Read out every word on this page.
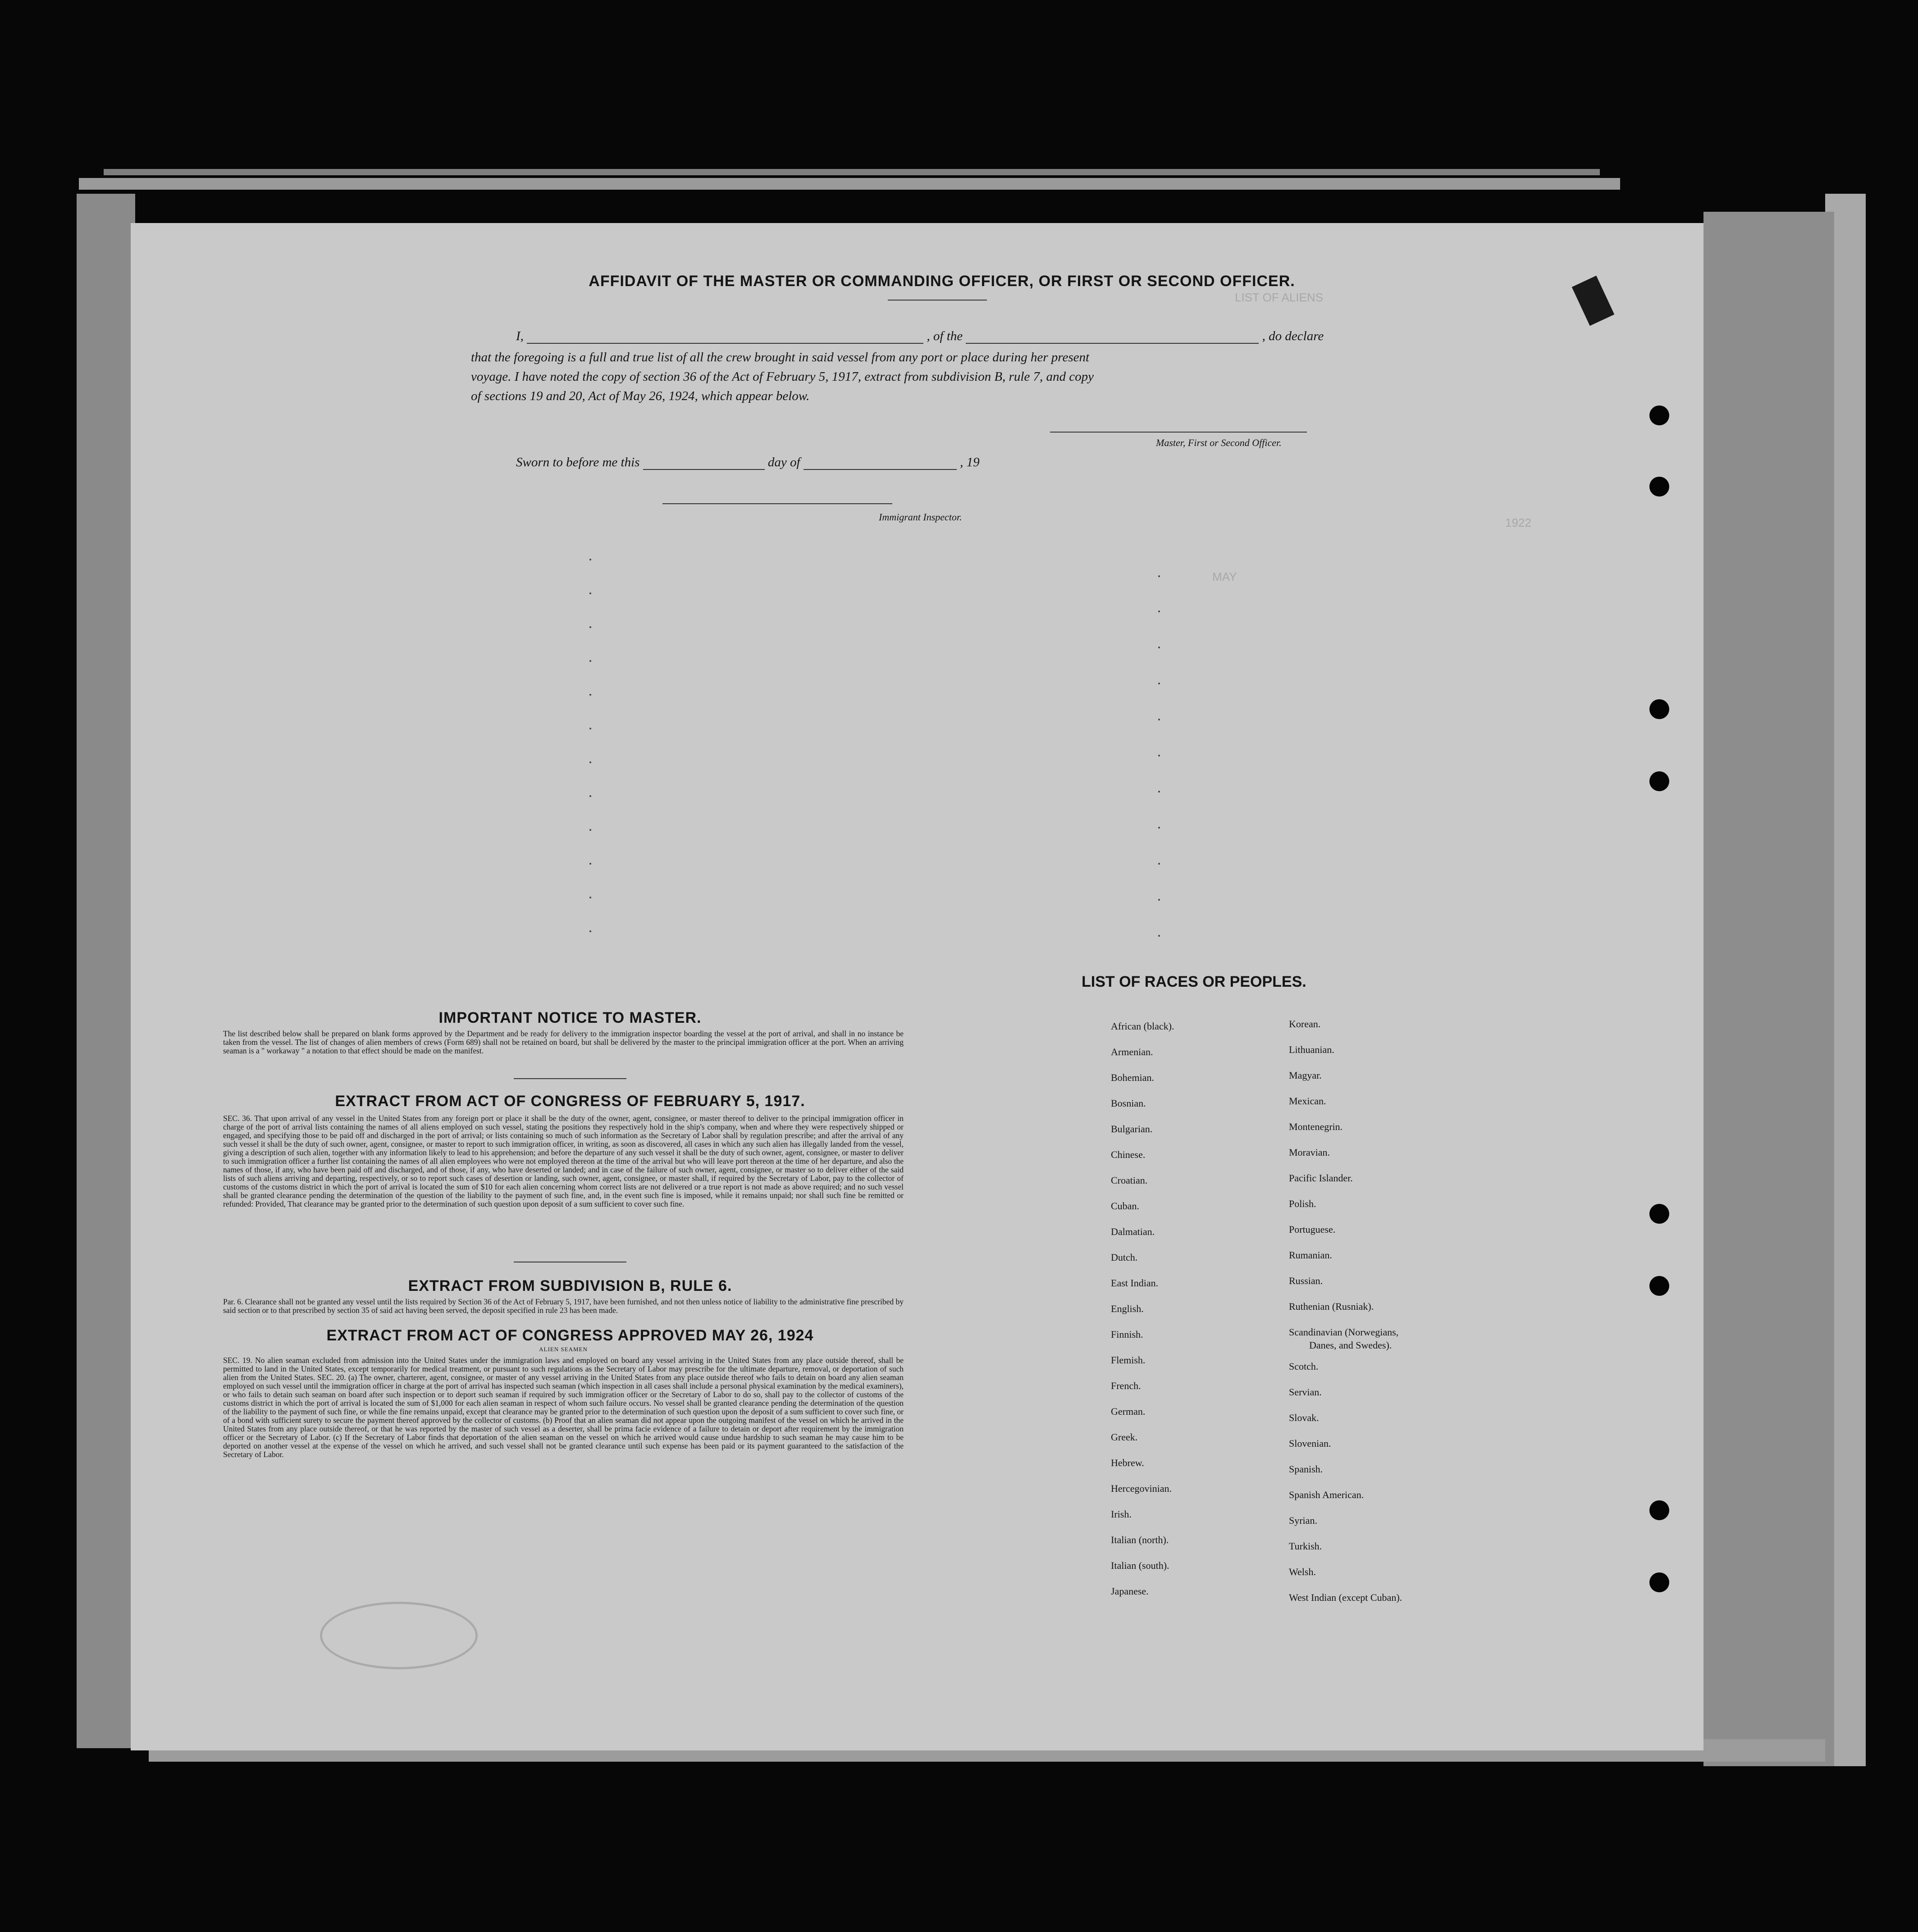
LIST OF ALIENS
1922
MAY
AFFIDAVIT OF THE MASTER OR COMMANDING OFFICER, OR FIRST OR SECOND OFFICER.
I,	, of the	, do declare
that the foregoing is a full and true list of all the crew brought in said vessel from any port or place during her present
voyage. I have noted the copy of section 36 of the Act of February 5, 1917, extract from subdivision B, rule 7, and copy
of sections 19 and 20, Act of May 26, 1924, which appear below.
Master, First or Second Officer.
Sworn to before me this	day of	, 19
Immigrant Inspector.
IMPORTANT NOTICE TO MASTER.
The list described below shall be prepared on blank forms approved by the Department and be ready for delivery to the immigration inspector boarding the vessel at the port of arrival, and shall in no instance be taken from the vessel. The list of changes of alien members of crews (Form 689) shall not be retained on board, but shall be delivered by the master to the principal immigration officer at the port. When an arriving seaman is a " workaway " a notation to that effect should be made on the manifest.
EXTRACT FROM ACT OF CONGRESS OF FEBRUARY 5, 1917.
SEC. 36. That upon arrival of any vessel in the United States from any foreign port or place it shall be the duty of the owner, agent, consignee, or master thereof to deliver to the principal immigration officer in charge of the port of arrival lists containing the names of all aliens employed on such vessel, stating the positions they respectively hold in the ship's company, when and where they were respectively shipped or engaged, and specifying those to be paid off and discharged in the port of arrival; or lists containing so much of such information as the Secretary of Labor shall by regulation prescribe; and after the arrival of any such vessel it shall be the duty of such owner, agent, consignee, or master to report to such immigration officer, in writing, as soon as discovered, all cases in which any such alien has illegally landed from the vessel, giving a description of such alien, together with any information likely to lead to his apprehension; and before the departure of any such vessel it shall be the duty of such owner, agent, consignee, or master to deliver to such immigration officer a further list containing the names of all alien employees who were not employed thereon at the time of the arrival but who will leave port thereon at the time of her departure, and also the names of those, if any, who have been paid off and discharged, and of those, if any, who have deserted or landed; and in case of the failure of such owner, agent, consignee, or master so to deliver either of the said lists of such aliens arriving and departing, respectively, or so to report such cases of desertion or landing, such owner, agent, consignee, or master shall, if required by the Secretary of Labor, pay to the collector of customs of the customs district in which the port of arrival is located the sum of $10 for each alien concerning whom correct lists are not delivered or a true report is not made as above required; and no such vessel shall be granted clearance pending the determination of the question of the liability to the payment of such fine, and, in the event such fine is imposed, while it remains unpaid; nor shall such fine be remitted or refunded: Provided, That clearance may be granted prior to the determination of such question upon deposit of a sum sufficient to cover such fine.
EXTRACT FROM SUBDIVISION B, RULE 6.
Par. 6. Clearance shall not be granted any vessel until the lists required by Section 36 of the Act of February 5, 1917, have been furnished, and not then unless notice of liability to the administrative fine prescribed by said section or to that prescribed by section 35 of said act having been served, the deposit specified in rule 23 has been made.
EXTRACT FROM ACT OF CONGRESS APPROVED MAY 26, 1924
ALIEN SEAMEN
SEC. 19. No alien seaman excluded from admission into the United States under the immigration laws and employed on board any vessel arriving in the United States from any place outside thereof, shall be permitted to land in the United States, except temporarily for medical treatment, or pursuant to such regulations as the Secretary of Labor may prescribe for the ultimate departure, removal, or deportation of such alien from the United States. SEC. 20. (a) The owner, charterer, agent, consignee, or master of any vessel arriving in the United States from any place outside thereof who fails to detain on board any alien seaman employed on such vessel until the immigration officer in charge at the port of arrival has inspected such seaman (which inspection in all cases shall include a personal physical examination by the medical examiners), or who fails to detain such seaman on board after such inspection or to deport such seaman if required by such immigration officer or the Secretary of Labor to do so, shall pay to the collector of customs of the customs district in which the port of arrival is located the sum of $1,000 for each alien seaman in respect of whom such failure occurs. No vessel shall be granted clearance pending the determination of the question of the liability to the payment of such fine, or while the fine remains unpaid, except that clearance may be granted prior to the determination of such question upon the deposit of a sum sufficient to cover such fine, or of a bond with sufficient surety to secure the payment thereof approved by the collector of customs. (b) Proof that an alien seaman did not appear upon the outgoing manifest of the vessel on which he arrived in the United States from any place outside thereof, or that he was reported by the master of such vessel as a deserter, shall be prima facie evidence of a failure to detain or deport after requirement by the immigration officer or the Secretary of Labor. (c) If the Secretary of Labor finds that deportation of the alien seaman on the vessel on which he arrived would cause undue hardship to such seaman he may cause him to be deported on another vessel at the expense of the vessel on which he arrived, and such vessel shall not be granted clearance until such expense has been paid or its payment guaranteed to the satisfaction of the Secretary of Labor.
LIST OF RACES OR PEOPLES.
African (black).
Armenian.
Bohemian.
Bosnian.
Bulgarian.
Chinese.
Croatian.
Cuban.
Dalmatian.
Dutch.
East Indian.
English.
Finnish.
Flemish.
French.
German.
Greek.
Hebrew.
Hercegovinian.
Irish.
Italian (north).
Italian (south).
Japanese.
Korean.
Lithuanian.
Magyar.
Mexican.
Montenegrin.
Moravian.
Pacific Islander.
Polish.
Portuguese.
Rumanian.
Russian.
Ruthenian (Rusniak).
Scandinavian (Norwegians,
Danes, and Swedes).
Scotch.
Servian.
Slovak.
Slovenian.
Spanish.
Spanish American.
Syrian.
Turkish.
Welsh.
West Indian (except Cuban).
